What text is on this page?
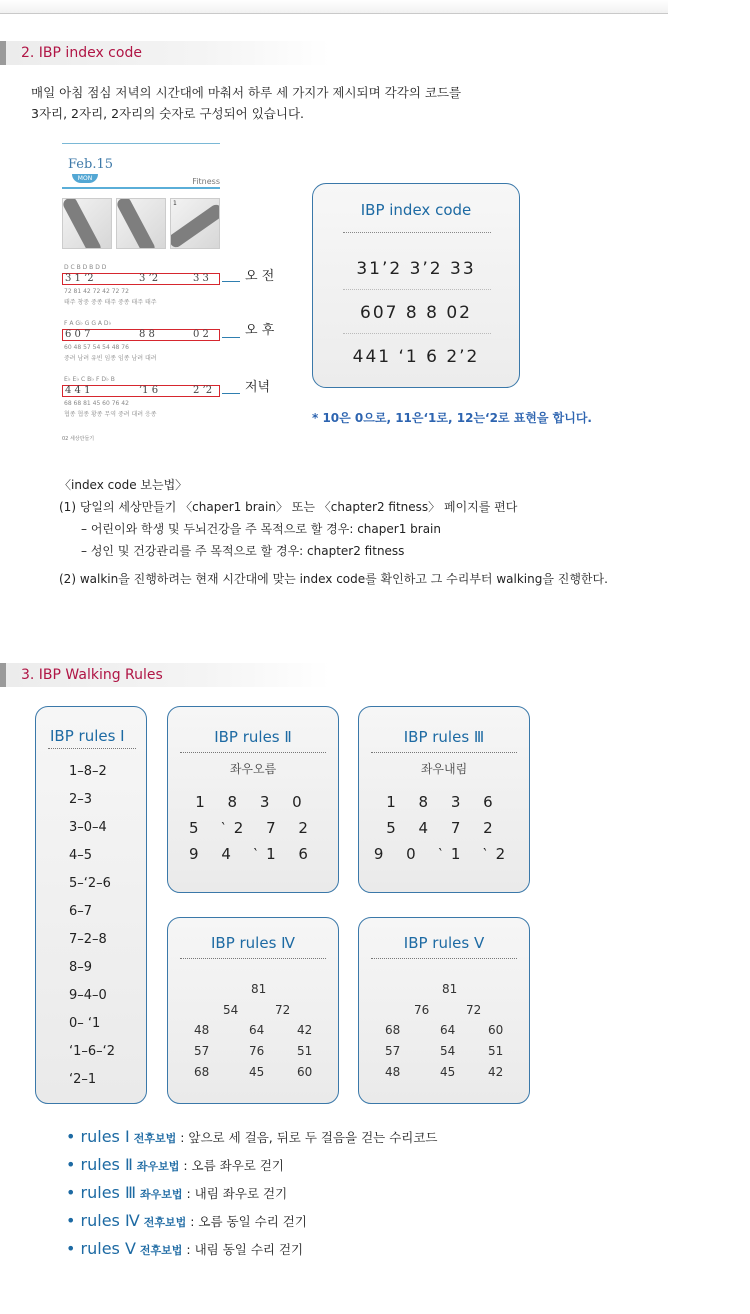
2. IBP index code

매일 아침 점심 저녁의 시간대에 마춰서 하루 세 가지가 제시되며 각각의 코드를

3자리, 2자리, 2자리의 숫자로 구성되어 있습니다.

Feb.15
MON	Fitness
1
D C B D B D D
3 1 ’2	3 ’2	3 3
72 81 42 72 42 72 72
태주 창중 중종 태주 중종 태주 태주
F A G♭ G G A D♭
6 0 7	8 8	0 2
60 48 57 54 54 48 76
중려 남려 유빈 임종 임종 남려 대려
E♭ E♭ C B♭ F D♭ B
4 4 1	’1 6	2 ’2
68 68 81 45 60 76 42
협종 협종 황종 무역 중려 대려 응종
02 세상만들기
오 전
오 후
저녁
IBP index code
31’2 3’2 33
607 8 8 02
441 ‘1 6 2’2
* 10은 0으로, 11은‘1로, 12는‘2로 표현을 합니다.

〈index code 보는법〉

(1) 당일의 세상만들기 〈chaper1 brain〉 또는 〈chapter2 fitness〉 페이지를 편다

– 어린이와 학생 및 두뇌건강을 주 목적으로 할 경우: chaper1 brain

– 성인 및 건강관리를 주 목적으로 할 경우: chapter2 fitness

(2) walkin을 진행하려는 현재 시간대에 맞는 index code를 확인하고 그 수리부터 walking을 진행한다.

3. IBP Walking Rules
IBP rules Ⅰ
1–8–2
2–3
3–0–4
4–5
5–‘2–6
6–7
7–2–8
8–9
9–4–0
0– ‘1
‘1–6–‘2
‘2–1
IBP rules Ⅱ
좌우오름
1 8 3 0
5 ‵2 7 2
9 4 ‵1 6
IBP rules Ⅲ
좌우내림
1 8 3 6
5 4 7 2
9 0 ‵1 ‵2
IBP rules Ⅳ
81
54	72
48	64	42
57	76	51
68	45	60
IBP rules Ⅴ
81
76	72
68	64	60
57	54	51
48	45	42
• rules Ⅰ 전후보법 : 앞으로 세 걸음, 뒤로 두 걸음을 걷는 수리코드
• rules Ⅱ 좌우보법 : 오름 좌우로 걷기
• rules Ⅲ 좌우보법 : 내림 좌우로 걷기
• rules Ⅳ 전후보법 : 오름 동일 수리 걷기
• rules Ⅴ 전후보법 : 내림 동일 수리 걷기
